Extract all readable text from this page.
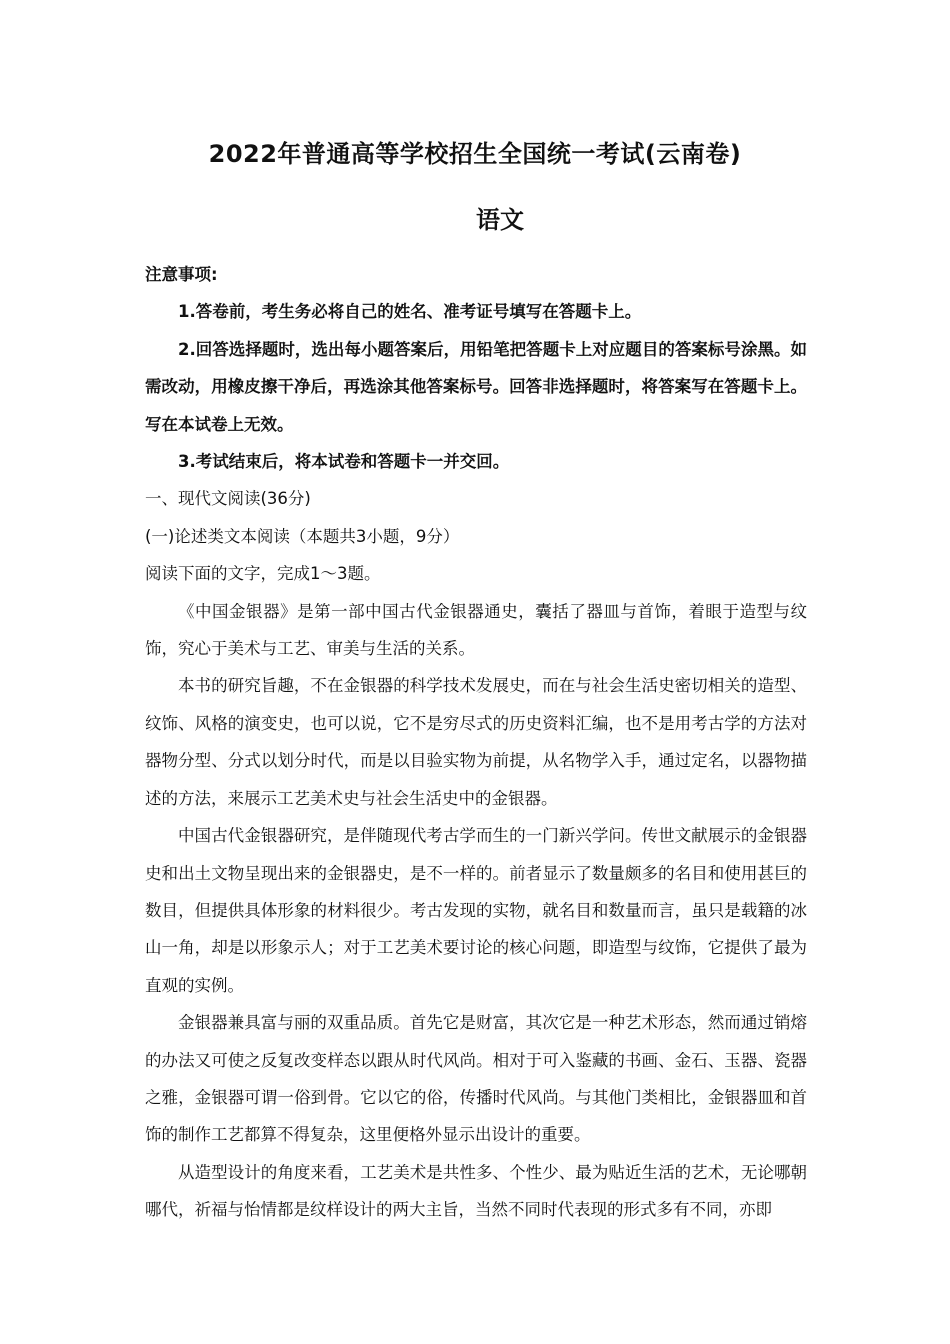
2022年普通高等学校招生全国统一考试(云南卷)
语文

注意事项:

1.答卷前，考生务必将自己的姓名、准考证号填写在答题卡上。

2.回答选择题时，选出每小题答案后，用铅笔把答题卡上对应题目的答案标号涂黑。如需改动，用橡皮擦干净后，再选涂其他答案标号。回答非选择题时，将答案写在答题卡上。写在本试卷上无效。

3.考试结束后，将本试卷和答题卡一并交回。

一、现代文阅读(36分)

(一)论述类文本阅读（本题共3小题，9分）

阅读下面的文字，完成1～3题。

《中国金银器》是第一部中国古代金银器通史，囊括了器皿与首饰，着眼于造型与纹饰，究心于美术与工艺、审美与生活的关系。

本书的研究旨趣，不在金银器的科学技术发展史，而在与社会生活史密切相关的造型、纹饰、风格的演变史，也可以说，它不是穷尽式的历史资料汇编，也不是用考古学的方法对器物分型、分式以划分时代，而是以目验实物为前提，从名物学入手，通过定名，以器物描述的方法，来展示工艺美术史与社会生活史中的金银器。

中国古代金银器研究，是伴随现代考古学而生的一门新兴学问。传世文献展示的金银器史和出土文物呈现出来的金银器史，是不一样的。前者显示了数量颇多的名目和使用甚巨的数目，但提供具体形象的材料很少。考古发现的实物，就名目和数量而言，虽只是载籍的冰山一角，却是以形象示人；对于工艺美术要讨论的核心问题，即造型与纹饰，它提供了最为直观的实例。

金银器兼具富与丽的双重品质。首先它是财富，其次它是一种艺术形态，然而通过销熔的办法又可使之反复改变样态以跟从时代风尚。相对于可入鉴藏的书画、金石、玉器、瓷器之雅，金银器可谓一俗到骨。它以它的俗，传播时代风尚。与其他门类相比，金银器皿和首饰的制作工艺都算不得复杂，这里便格外显示出设计的重要。

从造型设计的角度来看，工艺美术是共性多、个性少、最为贴近生活的艺术，无论哪朝哪代，祈福与怡情都是纹样设计的两大主旨，当然不同时代表现的形式多有不同，亦即
